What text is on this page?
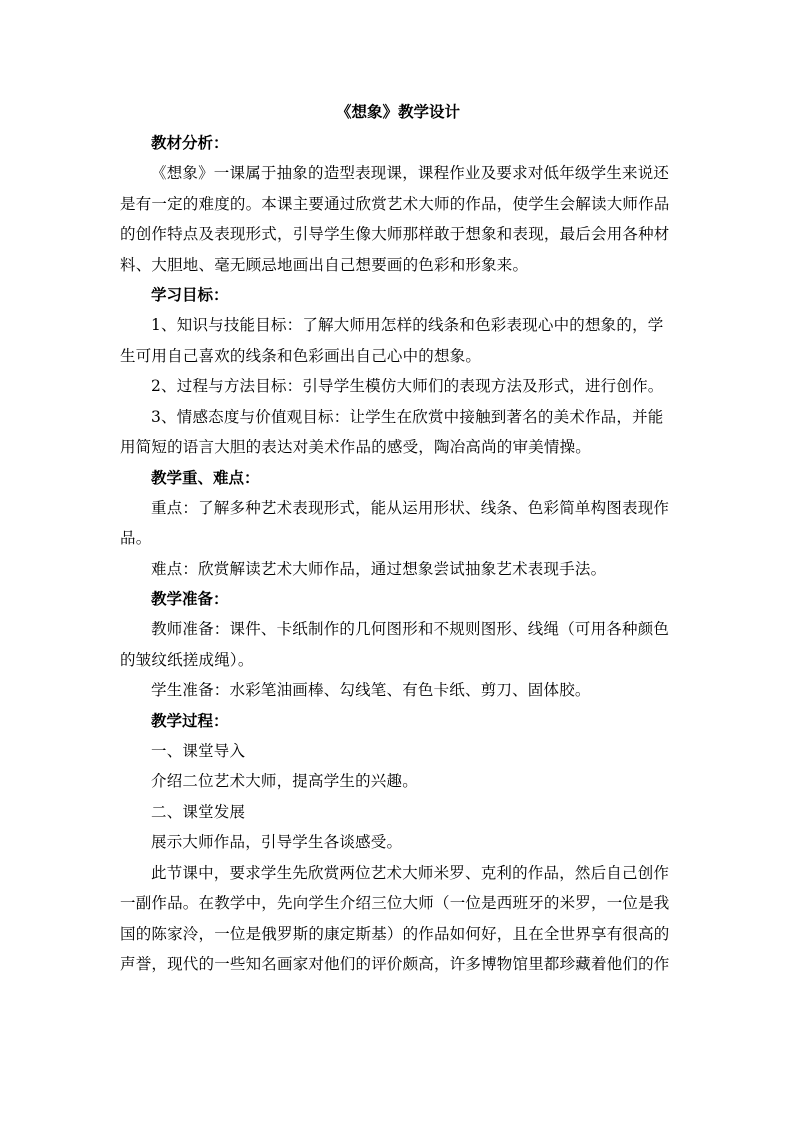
《想象》教学设计
教材分析：
《想象》一课属于抽象的造型表现课，课程作业及要求对低年级学生来说还
是有一定的难度的。本课主要通过欣赏艺术大师的作品，使学生会解读大师作品
的创作特点及表现形式，引导学生像大师那样敢于想象和表现，最后会用各种材
料、大胆地、毫无顾忌地画出自己想要画的色彩和形象来。
学习目标：
1、知识与技能目标：了解大师用怎样的线条和色彩表现心中的想象的，学
生可用自己喜欢的线条和色彩画出自己心中的想象。
2、过程与方法目标：引导学生模仿大师们的表现方法及形式，进行创作。
3、情感态度与价值观目标：让学生在欣赏中接触到著名的美术作品，并能
用简短的语言大胆的表达对美术作品的感受，陶冶高尚的审美情操。
教学重、难点：
重点：了解多种艺术表现形式，能从运用形状、线条、色彩简单构图表现作
品。
难点：欣赏解读艺术大师作品，通过想象尝试抽象艺术表现手法。
教学准备：
教师准备：课件、卡纸制作的几何图形和不规则图形、线绳（可用各种颜色
的皱纹纸搓成绳）。
学生准备：水彩笔油画棒、勾线笔、有色卡纸、剪刀、固体胶。
教学过程：
一、课堂导入
介绍二位艺术大师，提高学生的兴趣。
二、课堂发展
展示大师作品，引导学生各谈感受。
此节课中，要求学生先欣赏两位艺术大师米罗、克利的作品，然后自己创作
一副作品。在教学中，先向学生介绍三位大师（一位是西班牙的米罗，一位是我
国的陈家泠，一位是俄罗斯的康定斯基）的作品如何好，且在全世界享有很高的
声誉，现代的一些知名画家对他们的评价颇高，许多博物馆里都珍藏着他们的作
